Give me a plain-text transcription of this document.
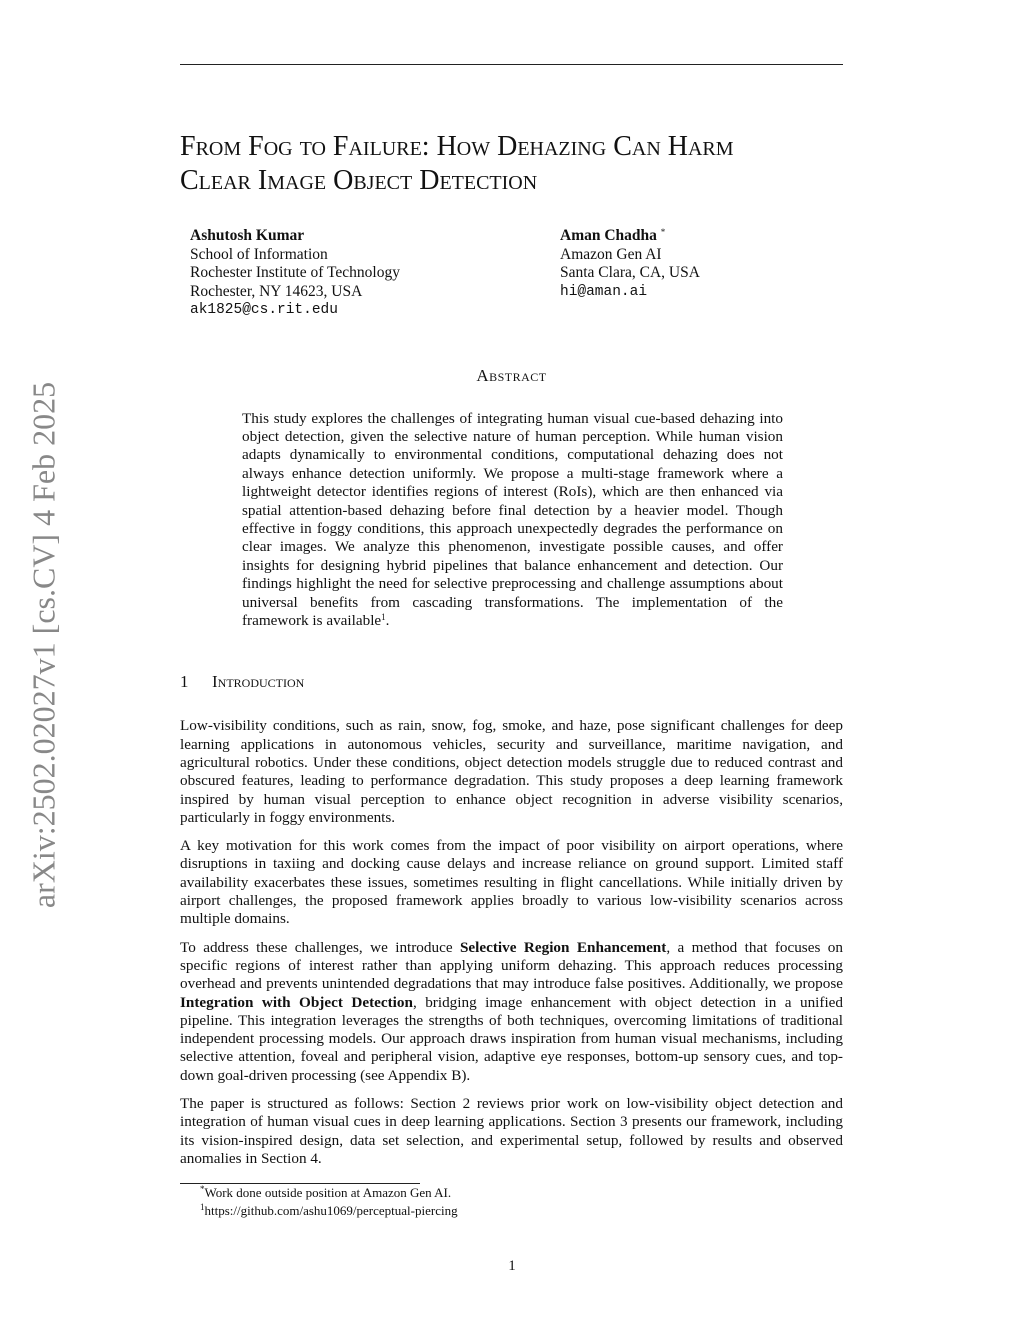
arXiv:2502.02027v1 [cs.CV] 4 Feb 2025
From Fog to Failure: How Dehazing Can Harm
Clear Image Object Detection
Ashutosh Kumar
School of Information
Rochester Institute of Technology
Rochester, NY 14623, USA
ak1825@cs.rit.edu
Aman Chadha *
Amazon Gen AI
Santa Clara, CA, USA
hi@aman.ai
Abstract
This study explores the challenges of integrating human visual cue-based dehazing into object detection, given the selective nature of human perception. While human vision adapts dynamically to environmental conditions, computational dehazing does not always enhance detection uniformly. We propose a multi-stage framework where a lightweight detector identifies regions of interest (RoIs), which are then enhanced via spatial attention-based dehazing before final detection by a heavier model. Though effective in foggy conditions, this approach unexpectedly degrades the performance on clear images. We analyze this phenomenon, investigate possible causes, and offer insights for designing hybrid pipelines that balance enhancement and detection. Our findings highlight the need for selective preprocessing and challenge assumptions about universal benefits from cascading transformations. The implementation of the framework is available$^1$.
1 Introduction
Low-visibility conditions, such as rain, snow, fog, smoke, and haze, pose significant challenges for deep learning applications in autonomous vehicles, security and surveillance, maritime navigation, and agricultural robotics. Under these conditions, object detection models struggle due to reduced contrast and obscured features, leading to performance degradation. This study proposes a deep learning framework inspired by human visual perception to enhance object recognition in adverse visibility scenarios, particularly in foggy environments.
A key motivation for this work comes from the impact of poor visibility on airport operations, where disruptions in taxiing and docking cause delays and increase reliance on ground support. Limited staff availability exacerbates these issues, sometimes resulting in flight cancellations. While initially driven by airport challenges, the proposed framework applies broadly to various low-visibility scenarios across multiple domains.
To address these challenges, we introduce Selective Region Enhancement, a method that focuses on specific regions of interest rather than applying uniform dehazing. This approach reduces processing overhead and prevents unintended degradations that may introduce false positives. Additionally, we propose Integration with Object Detection, bridging image enhancement with object detection in a unified pipeline. This integration leverages the strengths of both techniques, overcoming limitations of traditional independent processing models. Our approach draws inspiration from human visual mechanisms, including selective attention, foveal and peripheral vision, adaptive eye responses, bottom-up sensory cues, and top-down goal-driven processing (see Appendix B).
The paper is structured as follows: Section 2 reviews prior work on low-visibility object detection and integration of human visual cues in deep learning applications. Section 3 presents our framework, including its vision-inspired design, data set selection, and experimental setup, followed by results and observed anomalies in Section 4.
*Work done outside position at Amazon Gen AI.
$^1$https://github.com/ashu1069/perceptual-piercing
1
